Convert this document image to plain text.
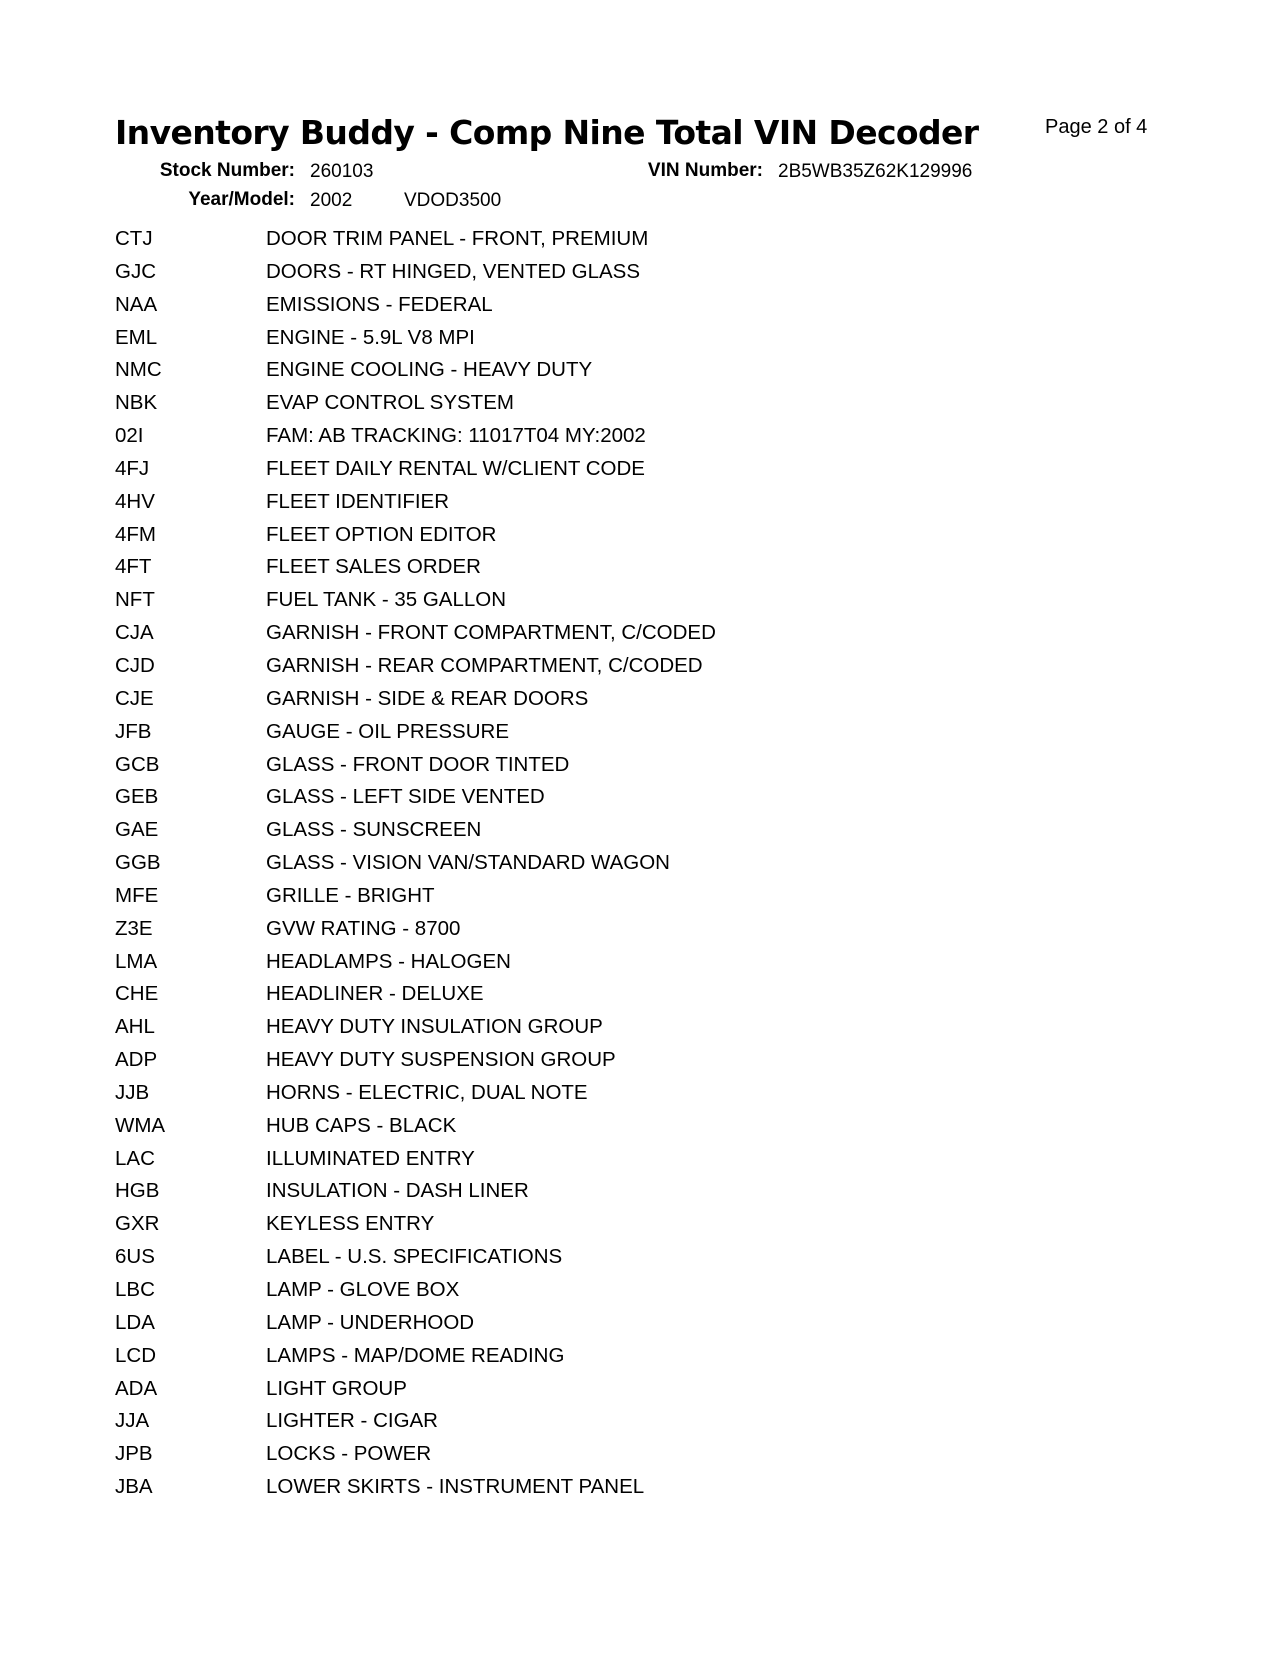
Inventory Buddy - Comp Nine Total VIN Decoder	Page 2 of 4
Stock Number: 260103	VIN Number: 2B5WB35Z62K129996
Year/Model: 2002	VDOD3500
CTJ	DOOR TRIM PANEL - FRONT, PREMIUM
GJC	DOORS - RT HINGED, VENTED GLASS
NAA	EMISSIONS - FEDERAL
EML	ENGINE - 5.9L V8 MPI
NMC	ENGINE COOLING - HEAVY DUTY
NBK	EVAP CONTROL SYSTEM
02I	FAM: AB TRACKING: 11017T04 MY:2002
4FJ	FLEET DAILY RENTAL W/CLIENT CODE
4HV	FLEET IDENTIFIER
4FM	FLEET OPTION EDITOR
4FT	FLEET SALES ORDER
NFT	FUEL TANK - 35 GALLON
CJA	GARNISH - FRONT COMPARTMENT, C/CODED
CJD	GARNISH - REAR COMPARTMENT, C/CODED
CJE	GARNISH - SIDE & REAR DOORS
JFB	GAUGE - OIL PRESSURE
GCB	GLASS - FRONT DOOR TINTED
GEB	GLASS - LEFT SIDE VENTED
GAE	GLASS - SUNSCREEN
GGB	GLASS - VISION VAN/STANDARD WAGON
MFE	GRILLE - BRIGHT
Z3E	GVW RATING - 8700
LMA	HEADLAMPS - HALOGEN
CHE	HEADLINER - DELUXE
AHL	HEAVY DUTY INSULATION GROUP
ADP	HEAVY DUTY SUSPENSION GROUP
JJB	HORNS - ELECTRIC, DUAL NOTE
WMA	HUB CAPS - BLACK
LAC	ILLUMINATED ENTRY
HGB	INSULATION - DASH LINER
GXR	KEYLESS ENTRY
6US	LABEL - U.S. SPECIFICATIONS
LBC	LAMP - GLOVE BOX
LDA	LAMP - UNDERHOOD
LCD	LAMPS - MAP/DOME READING
ADA	LIGHT GROUP
JJA	LIGHTER - CIGAR
JPB	LOCKS - POWER
JBA	LOWER SKIRTS - INSTRUMENT PANEL
